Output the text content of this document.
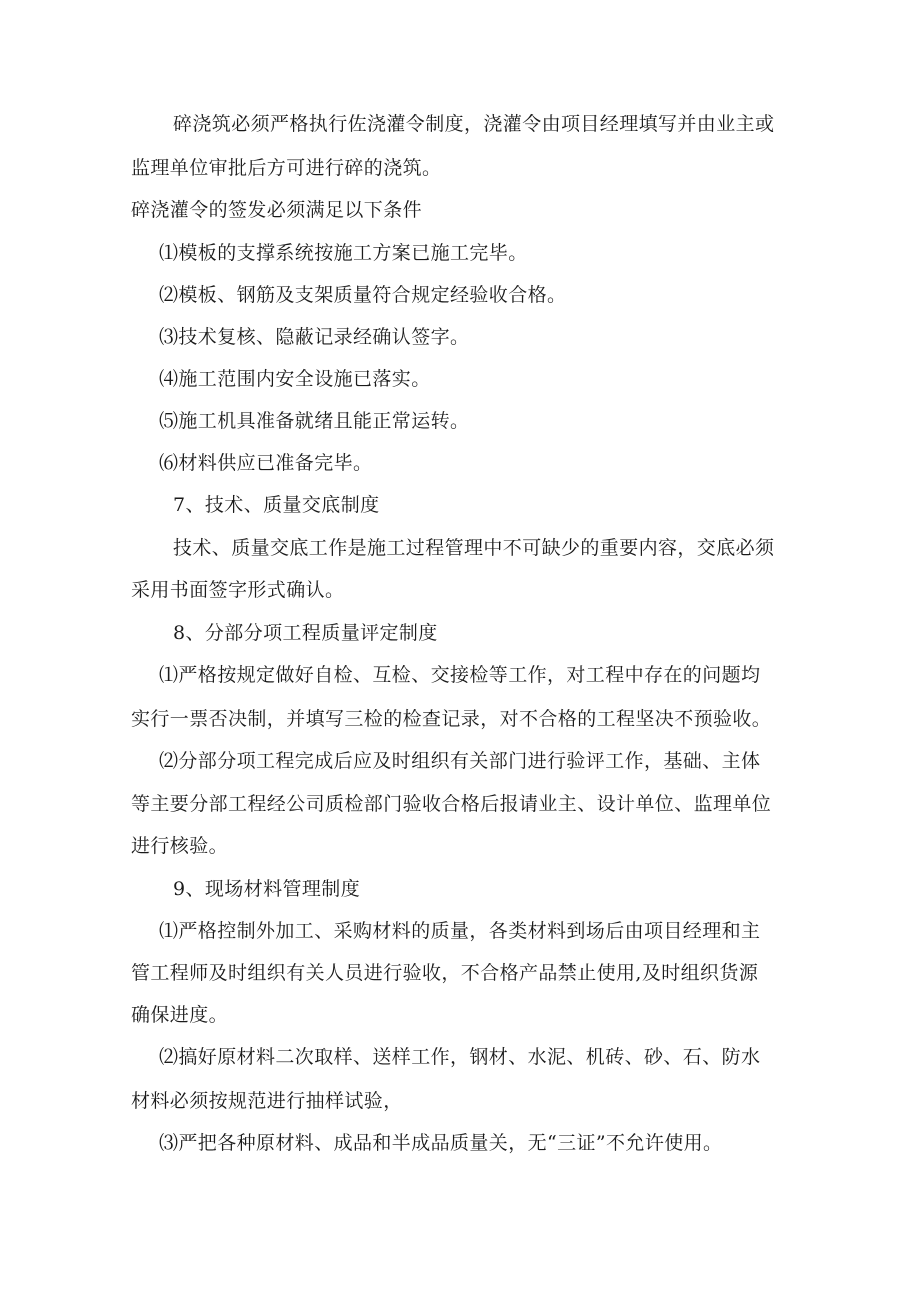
碎浇筑必须严格执行佐浇灌令制度，浇灌令由项目经理填写并由业主或
监理单位审批后方可进行碎的浇筑。
碎浇灌令的签发必须满足以下条件
⑴模板的支撑系统按施工方案已施工完毕。
⑵模板、钢筋及支架质量符合规定经验收合格。
⑶技术复核、隐蔽记录经确认签字。
⑷施工范围内安全设施已落实。
⑸施工机具准备就绪且能正常运转。
⑹材料供应已准备完毕。
7、技术、质量交底制度
技术、质量交底工作是施工过程管理中不可缺少的重要内容，交底必须
采用书面签字形式确认。
8、分部分项工程质量评定制度
⑴严格按规定做好自检、互检、交接检等工作，对工程中存在的问题均
实行一票否决制，并填写三检的检查记录，对不合格的工程坚决不预验收。
⑵分部分项工程完成后应及时组织有关部门进行验评工作，基础、主体
等主要分部工程经公司质检部门验收合格后报请业主、设计单位、监理单位
进行核验。
9、现场材料管理制度
⑴严格控制外加工、采购材料的质量，各类材料到场后由项目经理和主
管工程师及时组织有关人员进行验收，不合格产品禁止使用,及时组织货源
确保进度。
⑵搞好原材料二次取样、送样工作，钢材、水泥、机砖、砂、石、防水
材料必须按规范进行抽样试验，
⑶严把各种原材料、成品和半成品质量关，无“三证”不允许使用。
